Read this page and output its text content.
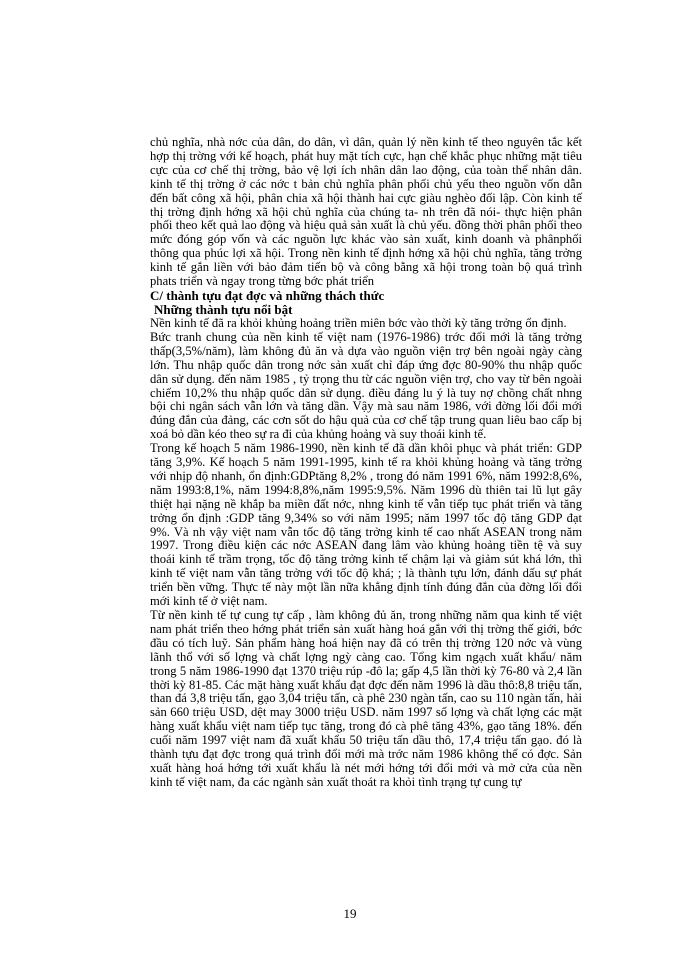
chủ nghĩa, nhà nớc của dân, do dân, vì dân, quản lý nền kinh tế theo nguyên tắc kết hợp thị trờng với kế hoạch, phát huy mặt tích cực, hạn chế khắc phục những mặt tiêu cực của cơ chế thị trờng, bảo vệ lợi ích nhân dân lao động, của toàn thể nhân dân. kinh tế thị trờng ở các nớc t bản chủ nghĩa phân phối chủ yếu theo nguồn vốn dẫn đến bất công xã hội, phân chia xã hội thành hai cực giàu nghèo đối lập. Còn kinh tế thị trờng định hớng xã hội chủ nghĩa của chúng ta- nh trên đã nói- thực hiện phân phối theo kết quả lao động và hiệu quả sản xuất là chủ yếu. đồng thời phân phối theo mức đóng góp vốn và các nguồn lực khác vào sản xuất, kinh doanh và phânphối thông qua phúc lợi xã hội. Trong nền kinh tế định hớng xã hội chủ nghĩa, tăng trởng kinh tế gắn liền với bảo đảm tiến bộ và công bằng xã hội trong toàn bộ quá trình phats triển và ngay trong từng bớc phát triển

C/ thành tựu đạt đợc và những thách thức

Những thành tựu nổi bật

Nền kinh tế đã ra khỏi khủng hoảng triền miên bớc vào thời kỳ tăng trởng ổn định.

Bức tranh chung của nền kinh tế việt nam (1976-1986) trớc đổi mới là tăng trởng thấp(3,5%/năm), làm không đủ ăn và dựa vào nguồn viện trợ bên ngoài ngày càng lớn. Thu nhập quốc dân trong nớc sản xuất chỉ đáp ứng đợc 80-90% thu nhập quốc dân sử dụng. đến năm 1985 , tỷ trọng thu từ các nguồn viện trợ, cho vay từ bên ngoài chiếm 10,2% thu nhập quốc dân sử dụng. điều đáng lu ý là tuy nợ chồng chất nhng bội chi ngân sách vẫn lớn và tăng dần. Vậy mà sau năm 1986, với đờng lối đổi mới đúng đắn của đảng, các cơn sốt do hậu quả của cơ chế tập trung quan liêu bao cấp bị xoá bỏ dần kéo theo sự ra đi của khủng hoảng và suy thoái kinh tế.

Trong kế hoạch 5 năm 1986-1990, nền kinh tế đã dần khôi phục và phát triển: GDP tăng 3,9%. Kế hoạch 5 năm 1991-1995, kinh tế ra khỏi khủng hoảng và tăng trởng với nhịp độ nhanh, ổn định:GDPtăng 8,2% , trong đó năm 1991 6%, năm 1992:8,6%, năm 1993:8,1%, năm 1994:8,8%,năm 1995:9,5%. Năm 1996 dù thiên tai lũ lụt gây thiệt hại nặng nề khắp ba miền đất nớc, nhng kinh tế vẫn tiếp tục phát triển và tăng trởng ổn định :GDP tăng 9,34% so với năm 1995; năm 1997 tốc độ tăng GDP đạt 9%. Và nh vậy việt nam vẫn tốc độ tăng trởng kinh tế cao nhất ASEAN trong năm 1997. Trong điều kiện các nớc ASEAN đang lâm vào khủng hoảng tiền tệ và suy thoái kinh tế trầm trọng, tốc độ tăng trởng kinh tế chậm lại và giảm sút khá lớn, thì kinh tế việt nam vẫn tăng trởng với tốc độ khá; ; là thành tựu lớn, đánh dấu sự phát triển bền vững. Thực tế này một lần nữa khẳng định tính đúng đắn của đờng lối đổi mới kinh tế ở việt nam.

Từ nền kinh tế tự cung tự cấp , làm không đủ ăn, trong những năm qua kinh tế việt nam phát triển theo hớng phát triển sản xuất hàng hoá gắn với thị trờng thế giới, bớc đầu có tích luỹ. Sản phẩm hàng hoá hiện nay đã có trên thị trờng 120 nớc và vùng lãnh thổ với số lợng và chất lợng ngỳ càng cao. Tổng kim ngạch xuất khẩu/ năm trong 5 năm 1986-1990 đạt 1370 triệu rúp -đô la; gấp 4,5 lần thời kỳ 76-80 và 2,4 lần thời kỳ 81-85. Các mặt hàng xuất khẩu đạt đợc đến năm 1996 là dầu thô:8,8 triệu tấn, than đá 3,8 triệu tấn, gạo 3,04 triệu tấn, cà phê 230 ngàn tấn, cao su 110 ngàn tấn, hải sản 660 triệu USD, dệt may 3000 triệu USD. năm 1997 số lợng và chất lợng các mặt hàng xuất khẩu việt nam tiếp tục tăng, trong đó cà phê tăng 43%, gạo tăng 18%. đến cuối năm 1997 việt nam đã xuất khẩu 50 triệu tấn dầu thô, 17,4 triệu tấn gạo. đó là thành tựu đạt đợc trong quá trình đổi mới mà trớc năm 1986 không thể có đợc. Sản xuất hàng hoá hớng tới xuất khẩu là nét mới hớng tới đổi mới và mở cửa của nền kinh tế việt nam, đa các ngành sản xuất thoát ra khỏi tình trạng tự cung tự

19
